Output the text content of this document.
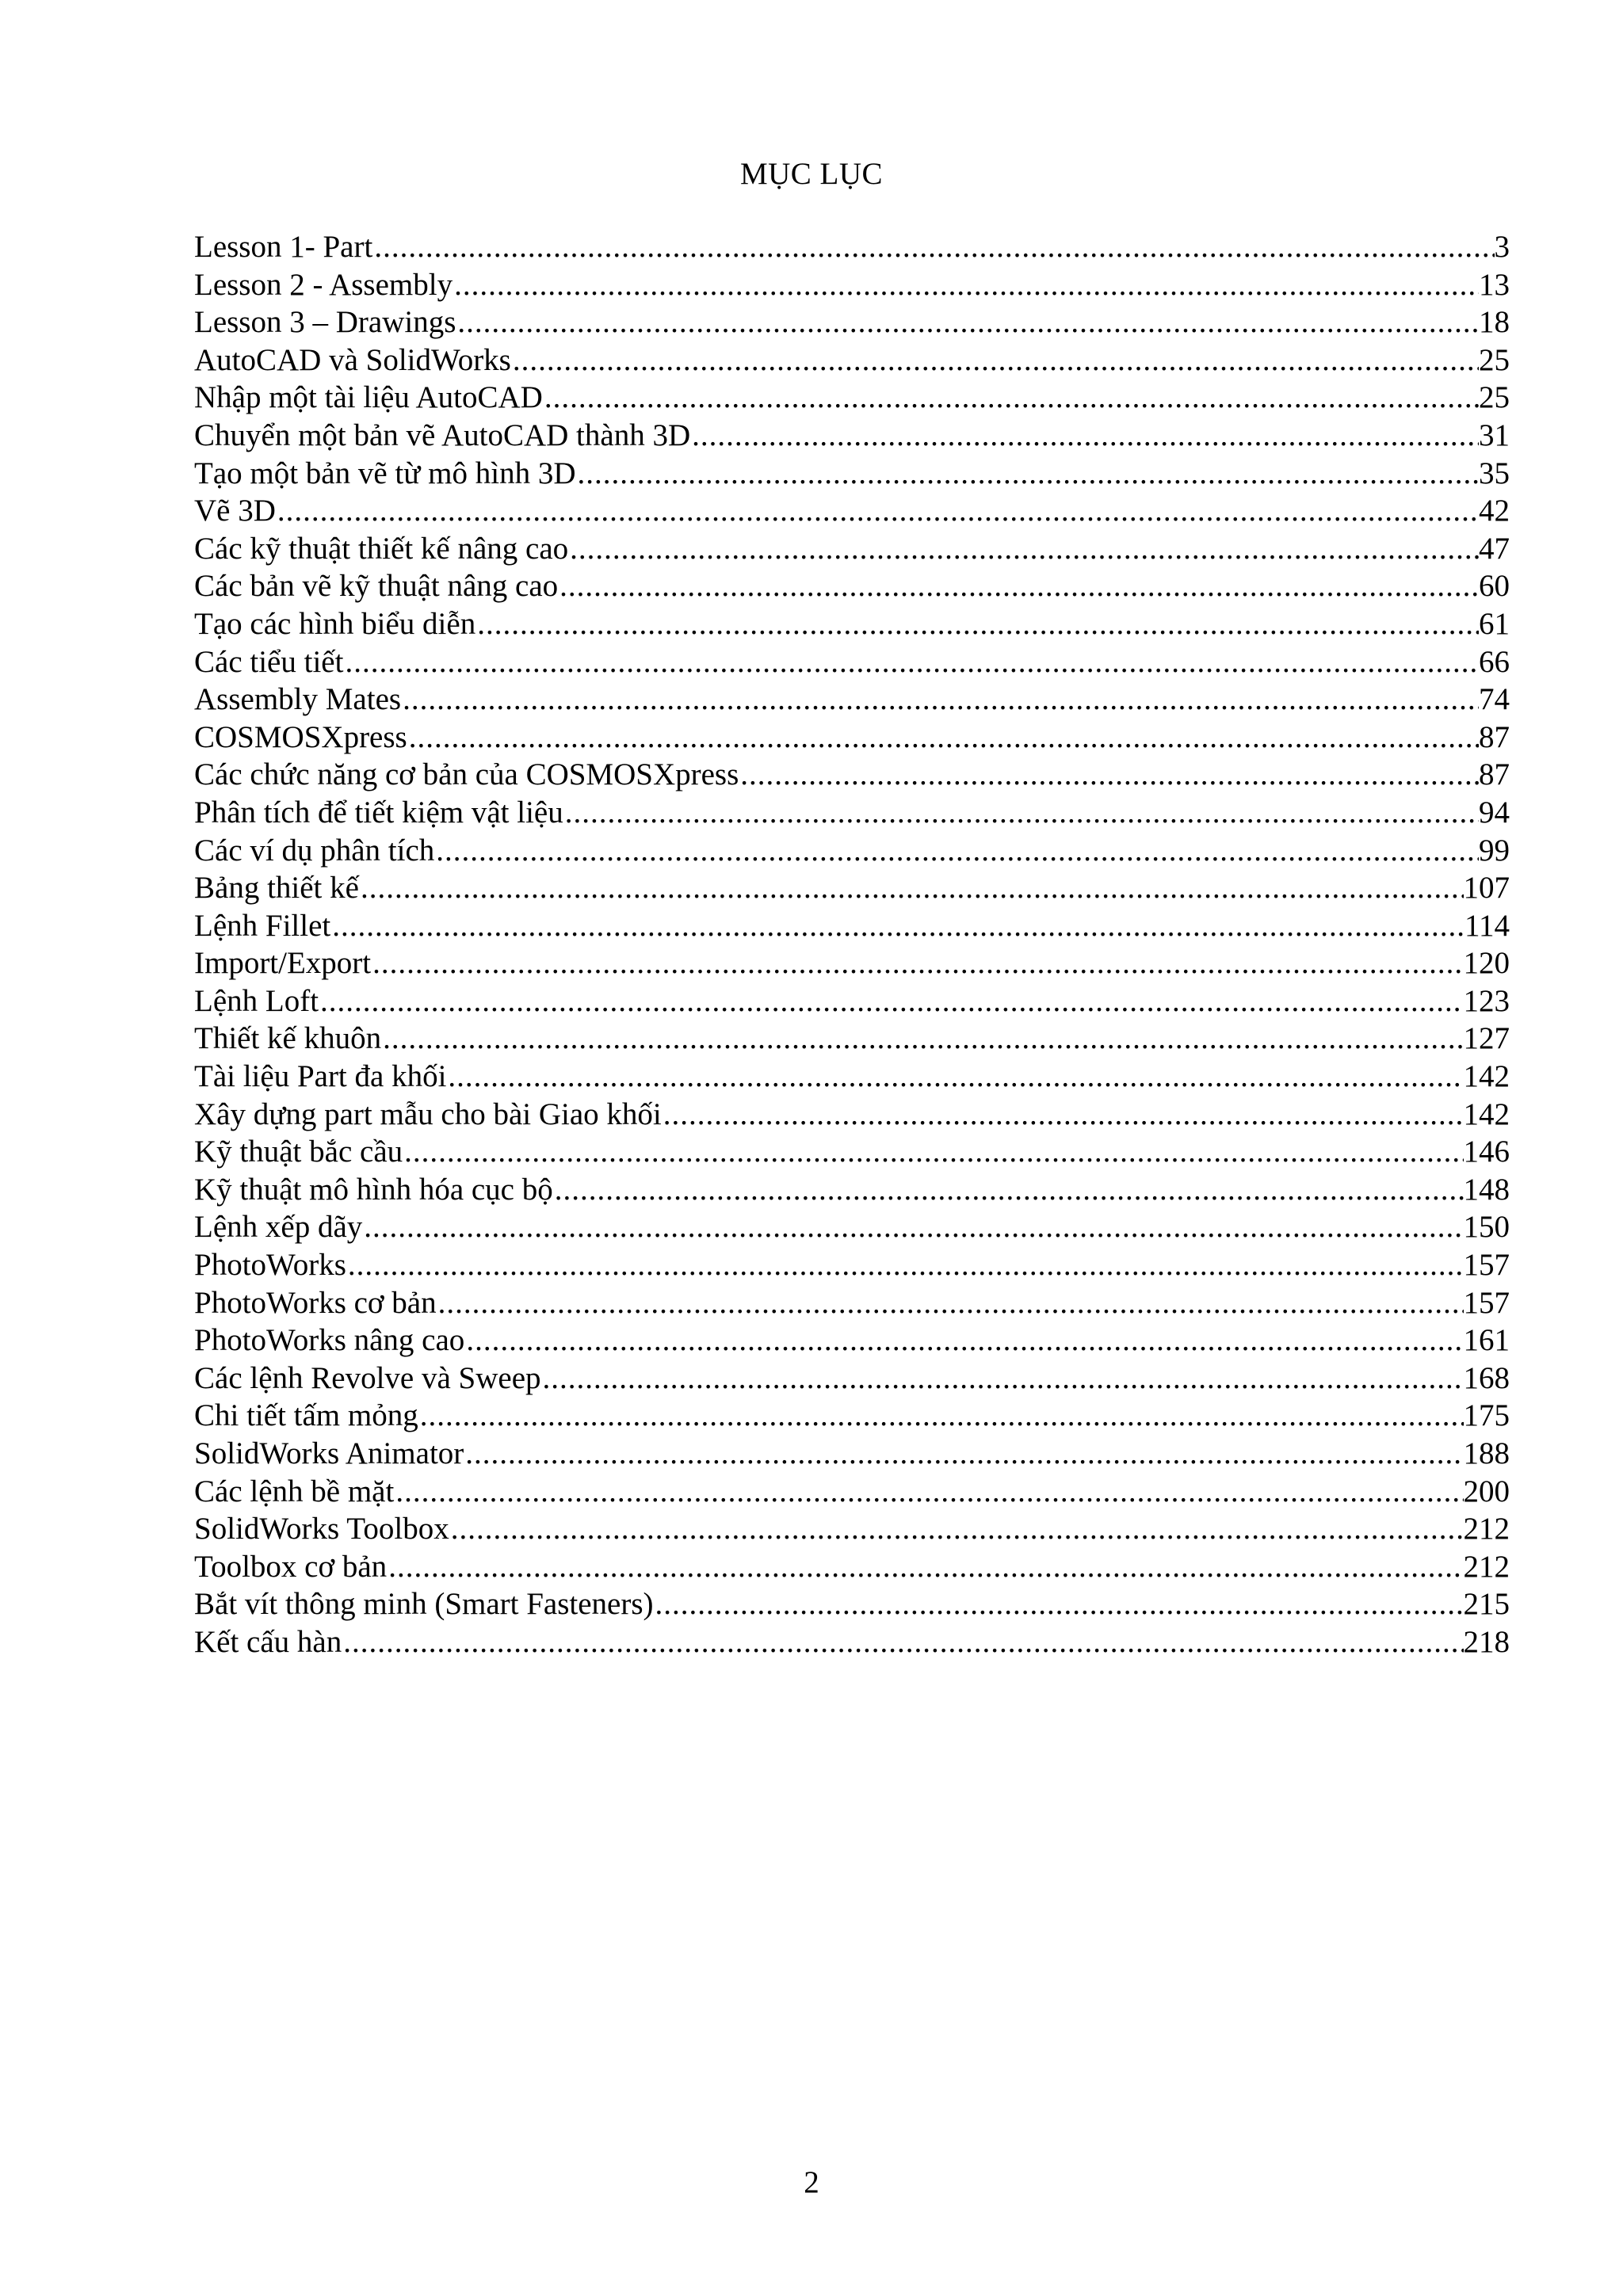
MỤC LỤC
Lesson 1- Part .....	3
Lesson 2 - Assembly .....	13
Lesson 3 – Drawings .....	18
AutoCAD và SolidWorks .....	25
Nhập một tài liệu AutoCAD .....	25
Chuyển một bản vẽ AutoCAD thành 3D .....	31
Tạo một bản vẽ từ mô hình 3D .....	35
Vẽ 3D .....	42
Các kỹ thuật thiết kế nâng cao .....	47
Các bản vẽ kỹ thuật nâng cao .....	60
Tạo các hình biểu diễn .....	61
Các tiểu tiết .....	66
Assembly Mates .....	74
COSMOSXpress .....	87
Các chức năng cơ bản của COSMOSXpress .....	87
Phân tích để tiết kiệm vật liệu .....	94
Các ví dụ phân tích .....	99
Bảng thiết kế .....	107
Lệnh Fillet .....	114
Import/Export .....	120
Lệnh Loft .....	123
Thiết kế khuôn .....	127
Tài liệu Part đa khối .....	142
Xây dựng part mẫu cho bài Giao khối .....	142
Kỹ thuật bắc cầu .....	146
Kỹ thuật mô hình hóa cục bộ .....	148
Lệnh xếp dãy .....	150
PhotoWorks .....	157
PhotoWorks cơ bản .....	157
PhotoWorks nâng cao .....	161
Các lệnh Revolve và Sweep .....	168
Chi tiết tấm mỏng .....	175
SolidWorks Animator .....	188
Các lệnh bề mặt .....	200
SolidWorks Toolbox .....	212
Toolbox cơ bản .....	212
Bắt vít thông minh (Smart Fasteners) .....	215
Kết cấu hàn .....	218
2
